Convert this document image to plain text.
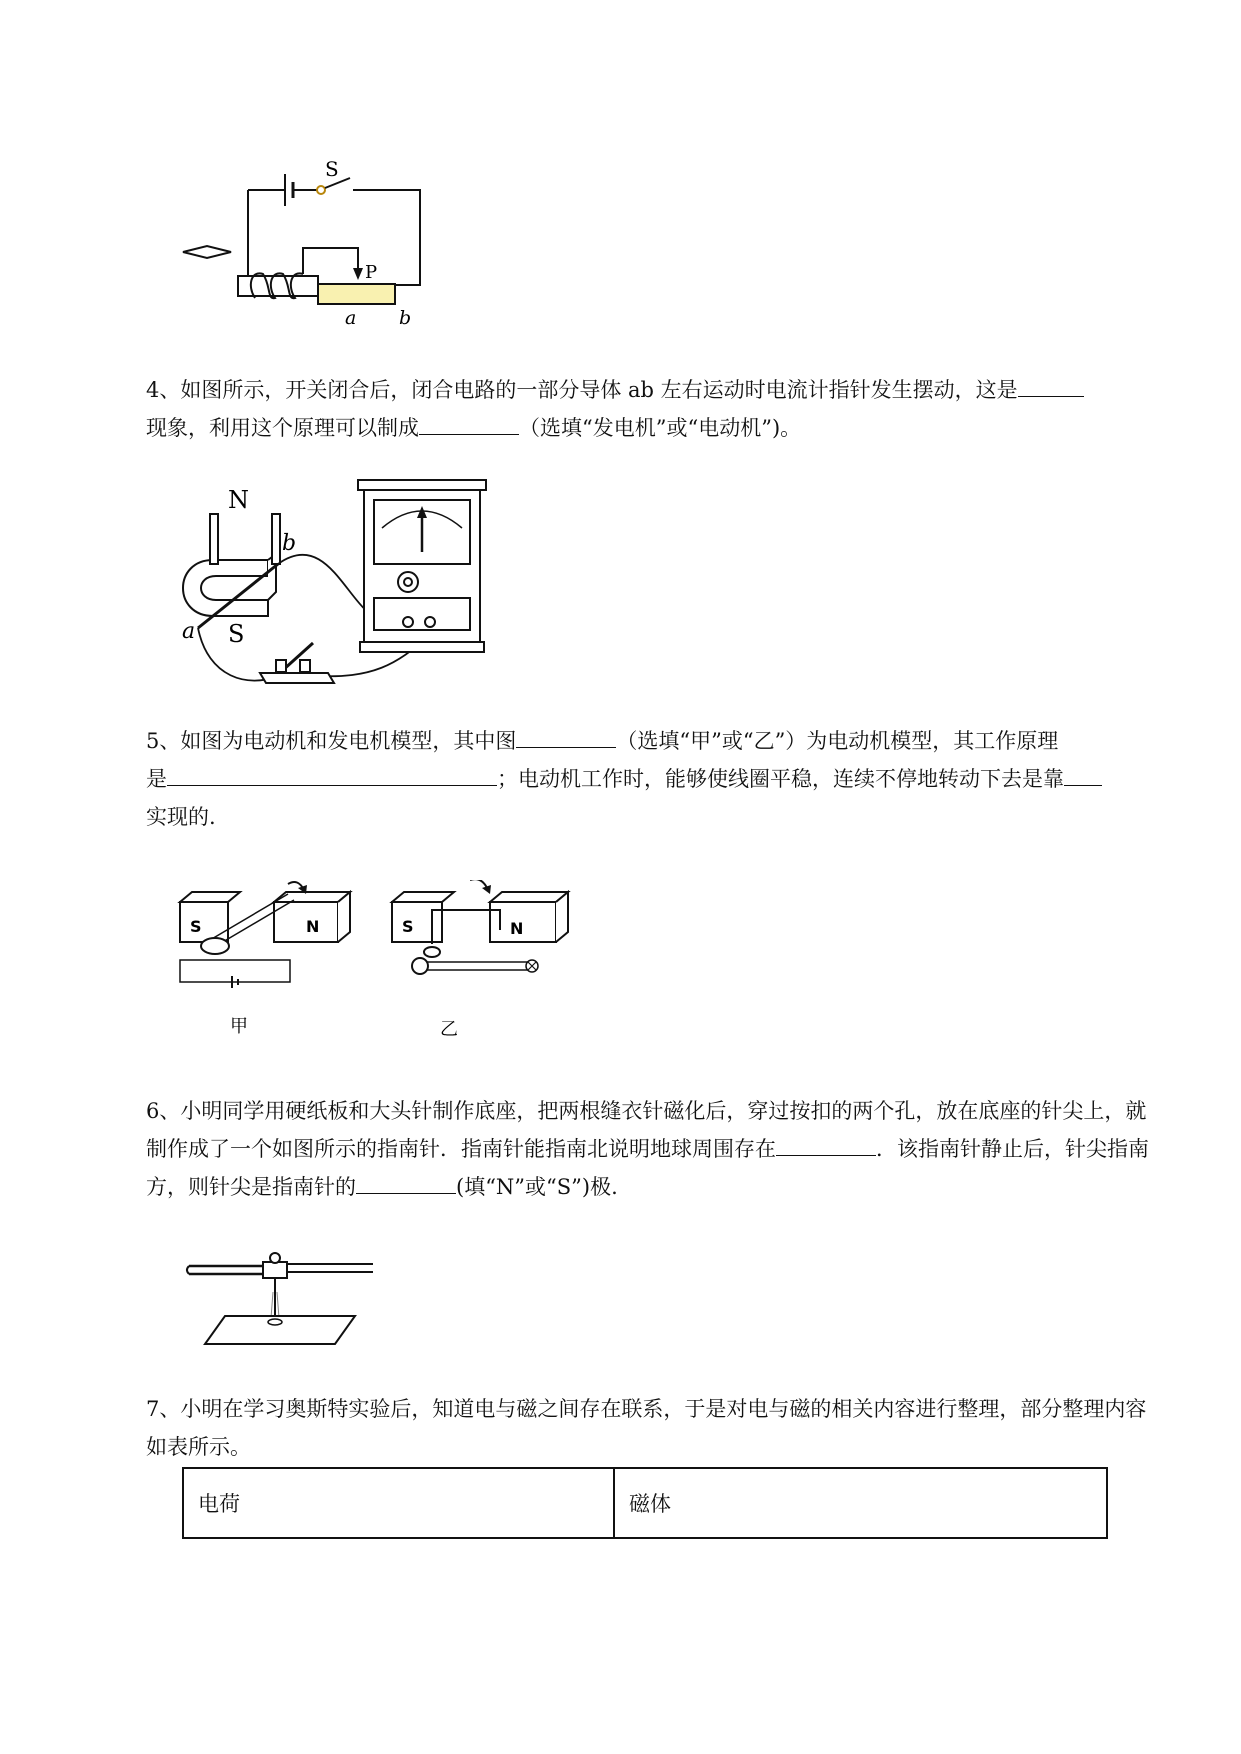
S
P
a b

4、如图所示，开关闭合后，闭合电路的一部分导体 ab 左右运动时电流计指针发生摆动，这是
现象，利用这个原理可以制成	（选填“发电机”或“电动机”)。

N
S
a
b

5、如图为电动机和发电机模型，其中图	（选填“甲”或“乙”）为电动机模型，其工作原理
是	；电动机工作时，能够使线圈平稳，连续不停地转动下去是靠
实现的.

S	N
甲
S	N
乙

6、小明同学用硬纸板和大头针制作底座，把两根缝衣针磁化后，穿过按扣的两个孔，放在底座的针尖上，就制作成了一个如图所示的指南针．指南针能指南北说明地球周围存在	．该指南针静止后，针尖指南方，则针尖是指南针的	(填“N”或“S”)极.

7、小明在学习奥斯特实验后，知道电与磁之间存在联系，于是对电与磁的相关内容进行整理，部分整理内容如表所示。

电荷	磁体
